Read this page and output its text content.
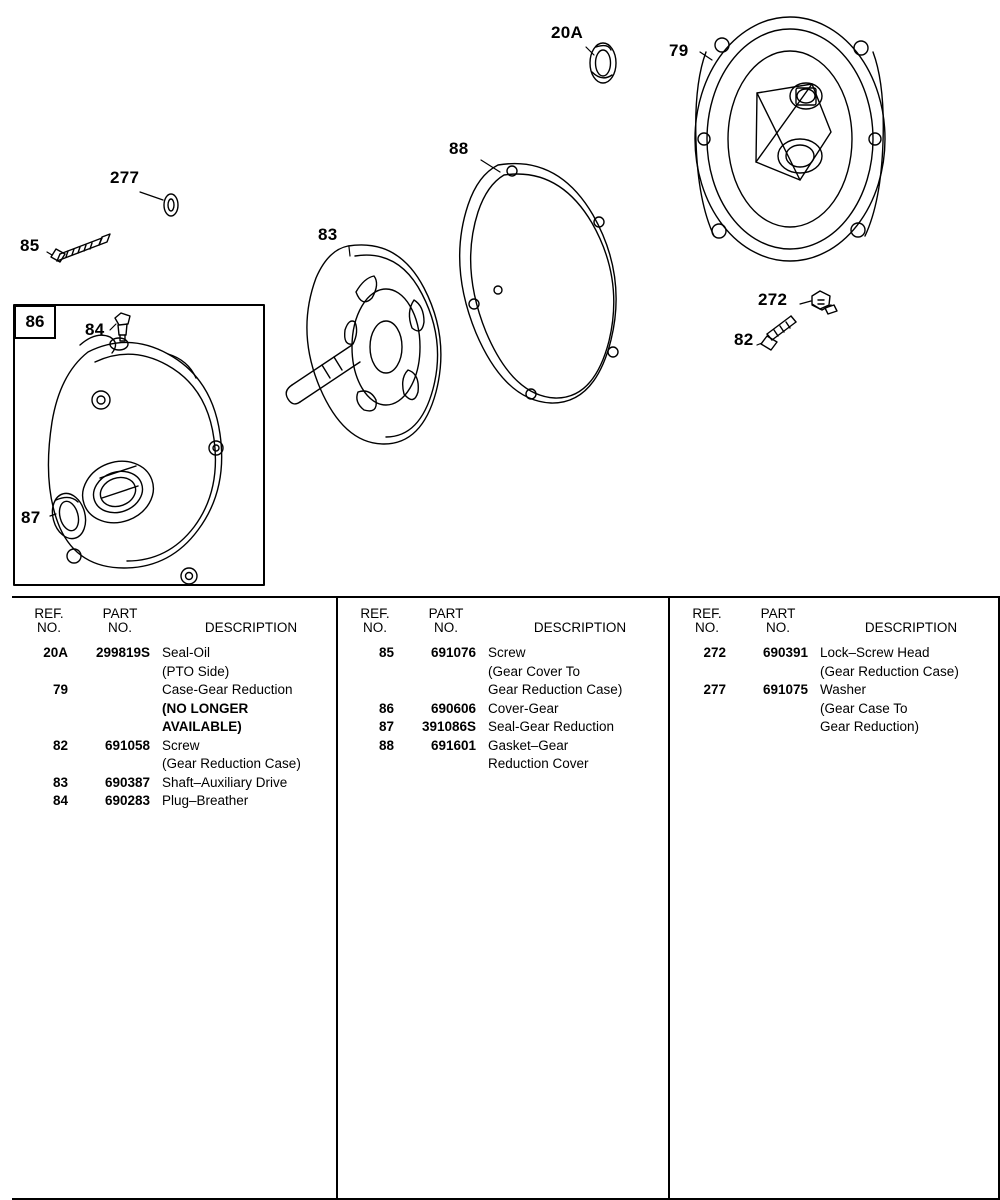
86
20A
79
277
88
85
83
272
82
84
87
REF.
NO.
PART
NO.	DESCRIPTION
20A	299819S Seal-Oil
(PTO Side)
79	Case-Gear Reduction
(NO LONGER
AVAILABLE)
82	691058 Screw
(Gear Reduction Case)
83	690387 Shaft–Auxiliary Drive
84	690283 Plug–Breather
REF.
NO.
PART
NO.	DESCRIPTION
85	691076 Screw
(Gear Cover To
Gear Reduction Case)
86	690606 Cover-Gear
87	391086S Seal-Gear Reduction
88	691601 Gasket–Gear
Reduction Cover
REF.
NO.
PART
NO.	DESCRIPTION
272	690391 Lock–Screw Head
(Gear Reduction Case)
277	691075 Washer
(Gear Case To
Gear Reduction)
